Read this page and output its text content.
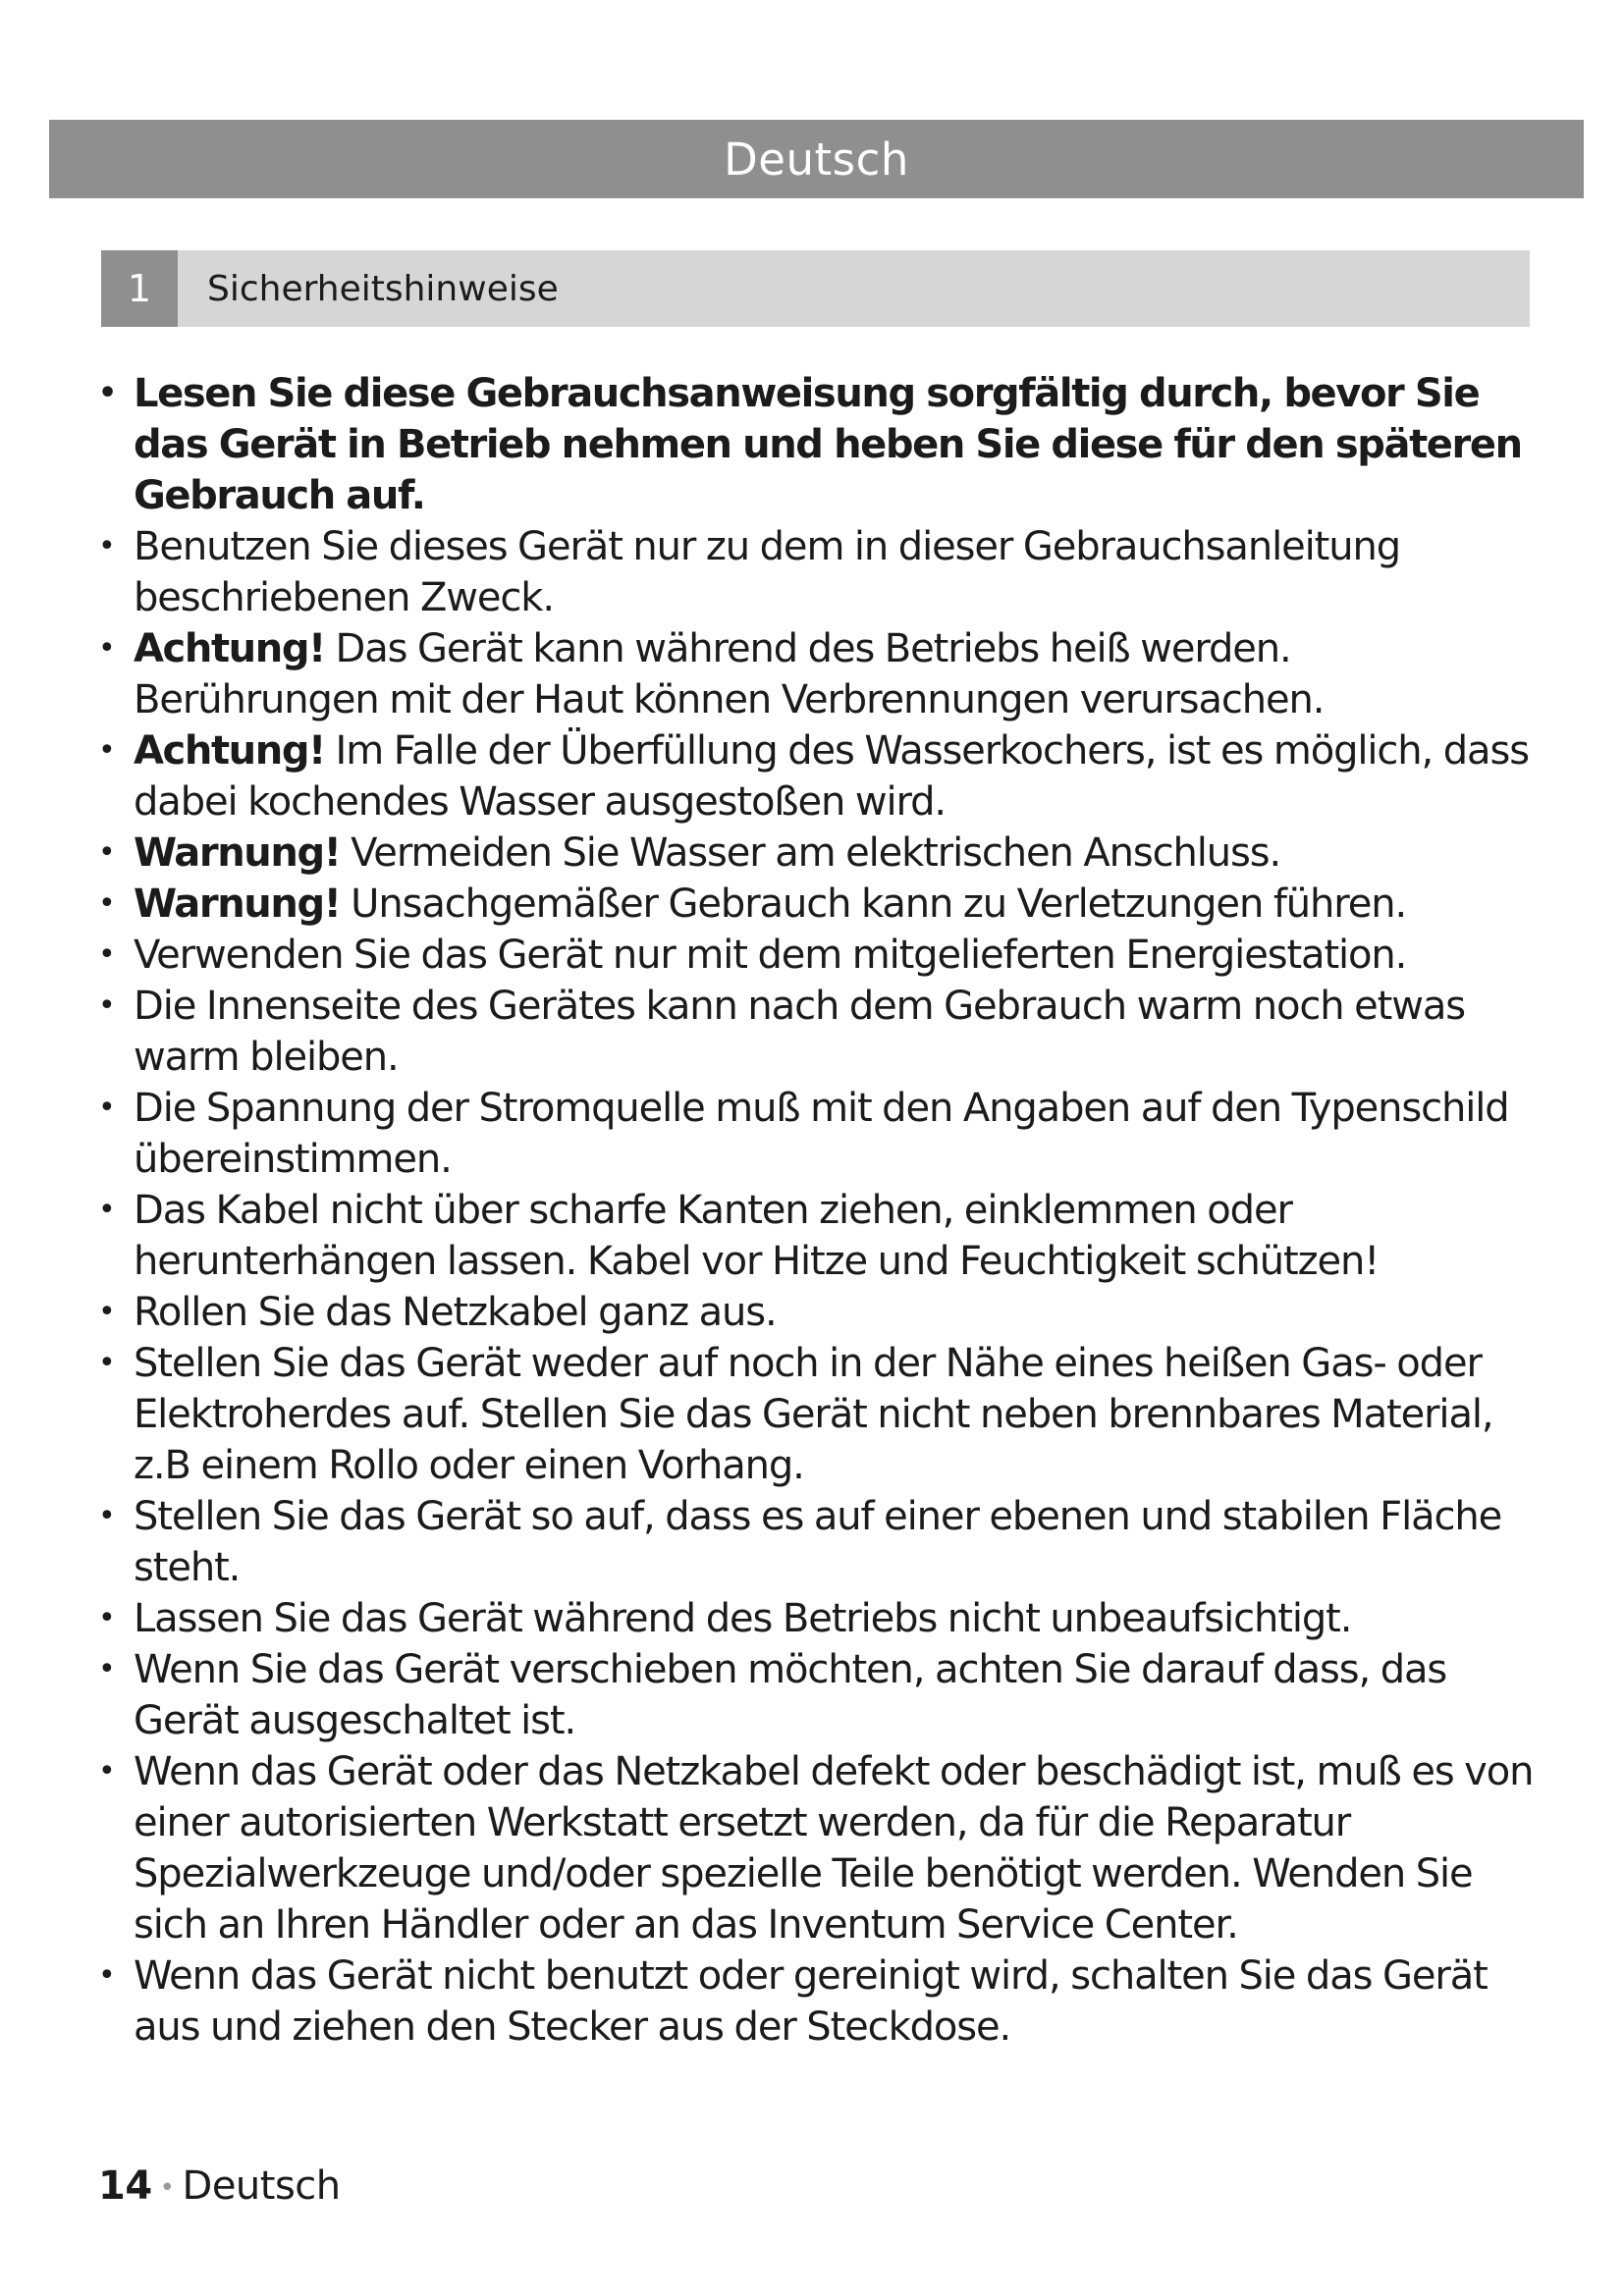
Deutsch
1	Sicherheitshinweise
• Lesen Sie diese Gebrauchsanweisung sorgfältig durch, bevor Sie das Gerät in Betrieb nehmen und heben Sie diese für den späteren Gebrauch auf.
• Benutzen Sie dieses Gerät nur zu dem in dieser Gebrauchsanleitung beschriebenen Zweck.
• Achtung! Das Gerät kann während des Betriebs heiß werden. Berührungen mit der Haut können Verbrennungen verursachen.
• Achtung! Im Falle der Überfüllung des Wasserkochers, ist es möglich, dass dabei kochendes Wasser ausgestoßen wird.
• Warnung! Vermeiden Sie Wasser am elektrischen Anschluss.
• Warnung! Unsachgemäßer Gebrauch kann zu Verletzungen führen.
• Verwenden Sie das Gerät nur mit dem mitgelieferten Energiestation.
• Die Innenseite des Gerätes kann nach dem Gebrauch warm noch etwas warm bleiben.
• Die Spannung der Stromquelle muß mit den Angaben auf den Typenschild übereinstimmen.
• Das Kabel nicht über scharfe Kanten ziehen, einklemmen oder herunterhängen lassen. Kabel vor Hitze und Feuchtigkeit schützen!
• Rollen Sie das Netzkabel ganz aus.
• Stellen Sie das Gerät weder auf noch in der Nähe eines heißen Gas- oder Elektroherdes auf. Stellen Sie das Gerät nicht neben brennbares Material, z.B einem Rollo oder einen Vorhang.
• Stellen Sie das Gerät so auf, dass es auf einer ebenen und stabilen Fläche steht.
• Lassen Sie das Gerät während des Betriebs nicht unbeaufsichtigt.
• Wenn Sie das Gerät verschieben möchten, achten Sie darauf dass, das Gerät ausgeschaltet ist.
• Wenn das Gerät oder das Netzkabel defekt oder beschädigt ist, muß es von einer autorisierten Werkstatt ersetzt werden, da für die Reparatur Spezialwerkzeuge und/oder spezielle Teile benötigt werden. Wenden Sie sich an Ihren Händler oder an das Inventum Service Center.
• Wenn das Gerät nicht benutzt oder gereinigt wird, schalten Sie das Gerät aus und ziehen den Stecker aus der Steckdose.
14 • Deutsch
